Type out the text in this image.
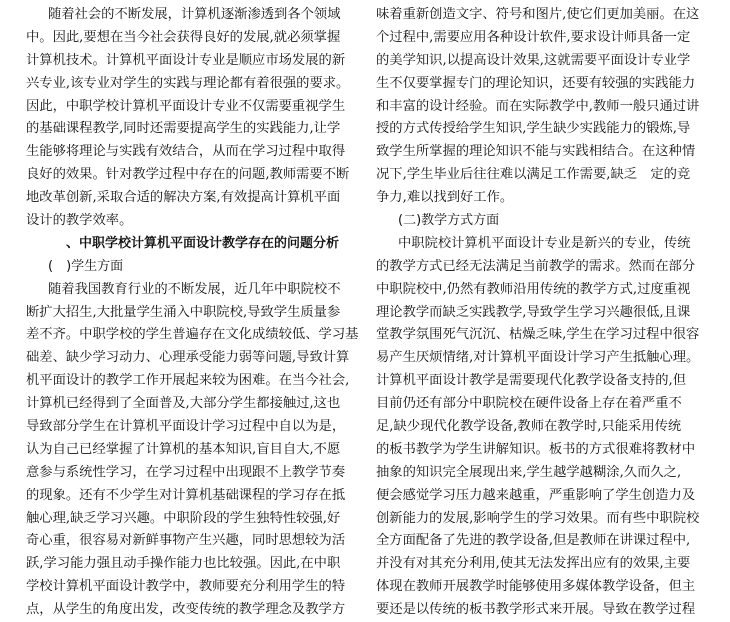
随着社会的不断发展，计算机逐渐渗透到各个领域
中。因此,要想在当今社会获得良好的发展,就必须掌握
计算机技术。计算机平面设计专业是顺应市场发展的新
兴专业,该专业对学生的实践与理论都有着很强的要求。
因此，中职学校计算机平面设计专业不仅需要重视学生
的基础课程教学,同时还需要提高学生的实践能力,让学
生能够将理论与实践有效结合，从而在学习过程中取得
良好的效果。针对教学过程中存在的问题,教师需要不断
地改革创新,采取合适的解决方案,有效提高计算机平面
设计的教学效率。
、中职学校计算机平面设计教学存在的问题分析
(　)学生方面
随着我国教育行业的不断发展，近几年中职院校不
断扩大招生,大批量学生涌入中职院校,导致学生质量参
差不齐。中职学校的学生普遍存在文化成绩较低、学习基
础差、缺少学习动力、心理承受能力弱等问题,导致计算
机平面设计的教学工作开展起来较为困难。在当今社会,
计算机已经得到了全面普及,大部分学生都接触过,这也
导致部分学生在计算机平面设计学习过程中自以为是，
认为自己已经掌握了计算机的基本知识,盲目自大,不愿
意参与系统性学习，在学习过程中出现跟不上教学节奏
的现象。还有不少学生对计算机基础课程的学习存在抵
触心理,缺乏学习兴趣。中职阶段的学生独特性较强,好
奇心重，很容易对新鲜事物产生兴趣，同时思想较为活
跃,学习能力强且动手操作能力也比较强。因此,在中职
学校计算机平面设计教学中，教师要充分利用学生的特
点，从学生的角度出发，改变传统的教学理念及教学方
味着重新创造文字、符号和图片,使它们更加美丽。在这
个过程中,需要应用各种设计软件,要求设计师具备一定
的美学知识,以提高设计效果,这就需要平面设计专业学
生不仅要掌握专门的理论知识，还要有较强的实践能力
和丰富的设计经验。而在实际教学中,教师一般只通过讲
授的方式传授给学生知识,学生缺少实践能力的锻炼,导
致学生所掌握的理论知识不能与实践相结合。在这种情
况下,学生毕业后往往难以满足工作需要,缺乏　定的竞
争力,难以找到好工作。
(二)教学方式方面
中职院校计算机平面设计专业是新兴的专业，传统
的教学方式已经无法满足当前教学的需求。然而在部分
中职院校中,仍然有教师沿用传统的教学方式,过度重视
理论教学而缺乏实践教学,导致学生学习兴趣很低,且课
堂教学氛围死气沉沉、枯燥乏味,学生在学习过程中很容
易产生厌烦情绪,对计算机平面设计学习产生抵触心理。
计算机平面设计教学是需要现代化教学设备支持的,但
目前仍还有部分中职院校在硬件设备上存在着严重不
足,缺少现代化教学设备,教师在教学时,只能采用传统
的板书教学为学生讲解知识。板书的方式很难将教材中
抽象的知识完全展现出来,学生越学越糊涂,久而久之,
便会感觉学习压力越来越重，严重影响了学生创造力及
创新能力的发展,影响学生的学习效果。而有些中职院校
全方面配备了先进的教学设备,但是教师在讲课过程中,
并没有对其充分利用,使其无法发挥出应有的效果,主要
体现在教师开展教学时能够使用多媒体教学设备，但主
要还是以传统的板书教学形式来开展。导致在教学过程
